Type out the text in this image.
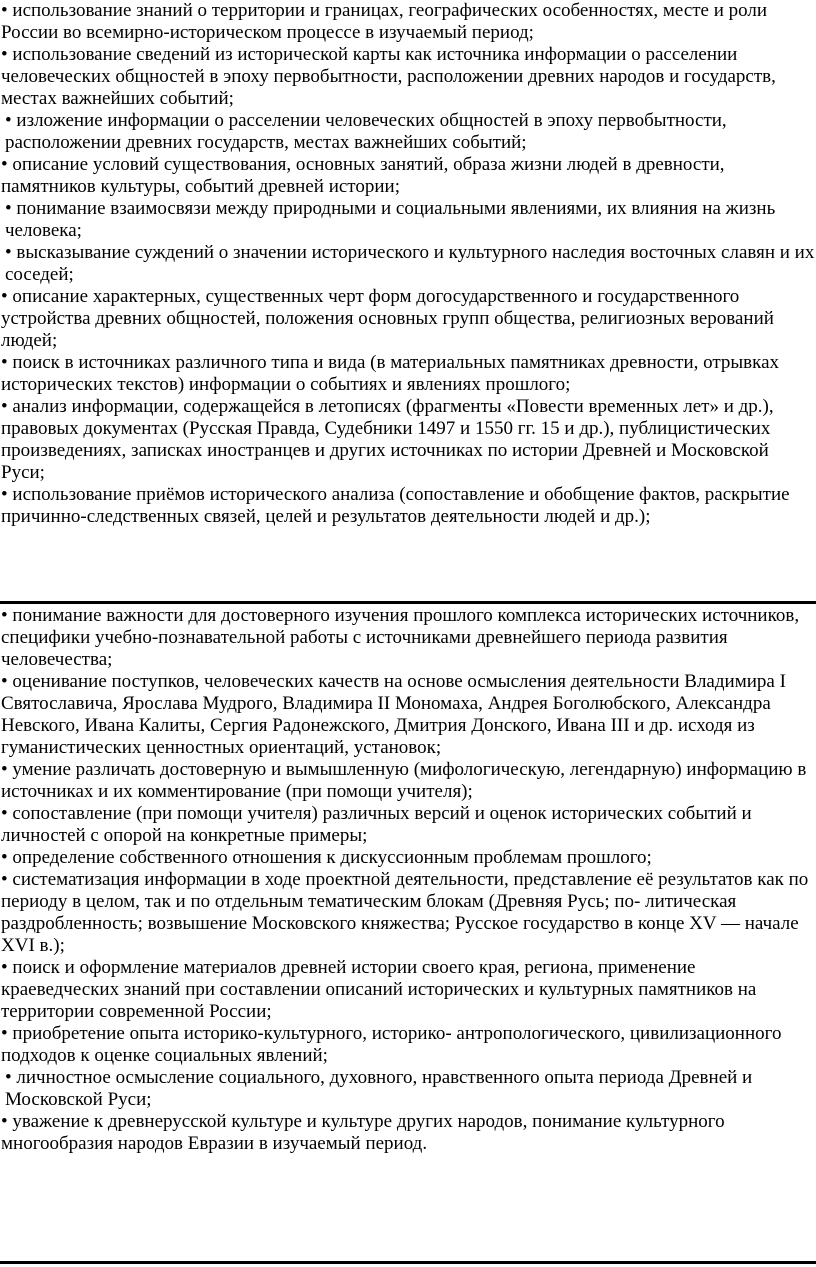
• использование знаний о территории и границах, географических особенностях, месте и роли России во всемирно-историческом процессе в изучаемый период;

• использование сведений из исторической карты как источника информации о расселении человеческих общностей в эпоху первобытности, расположении древних народов и государств, местах важнейших событий;

• изложение информации о расселении человеческих общностей в эпоху первобытности, расположении древних государств, местах важнейших событий;

• описание условий существования, основных занятий, образа жизни людей в древности, памятников культуры, событий древней истории;

• понимание взаимосвязи между природными и социальными явлениями, их влияния на жизнь человека;

• высказывание суждений о значении исторического и культурного наследия восточных славян и их соседей;

• описание характерных, существенных черт форм догосударственного и государственного устройства древних общностей, положения основных групп общества, религиозных верований людей;

• поиск в источниках различного типа и вида (в материальных памятниках древности, отрывках исторических текстов) информации о событиях и явлениях прошлого;

• анализ информации, содержащейся в летописях (фрагменты «Повести временных лет» и др.), правовых документах (Русская Правда, Судебники 1497 и 1550 гг. 15 и др.), публицистических произведениях, записках иностранцев и других источниках по истории Древней и Московской Руси;

• использование приёмов исторического анализа (сопоставление и обобщение фактов, раскрытие причинно-следственных связей, целей и результатов деятельности людей и др.);

• понимание важности для достоверного изучения прошлого комплекса исторических источников, специфики учебно-познавательной работы с источниками древнейшего периода развития человечества;

• оценивание поступков, человеческих качеств на основе осмысления деятельности Владимира I Святославича, Ярослава Мудрого, Владимира II Мономаха, Андрея Боголюбского, Александра Невского, Ивана Калиты, Сергия Радонежского, Дмитрия Донского, Ивана III и др. исходя из гуманистических ценностных ориентаций, установок;

• умение различать достоверную и вымышленную (мифологическую, легендарную) информацию в источниках и их комментирование (при помощи учителя);

• сопоставление (при помощи учителя) различных версий и оценок исторических событий и личностей с опорой на конкретные примеры;

• определение собственного отношения к дискуссионным проблемам прошлого;

• систематизация информации в ходе проектной деятельности, представление её результатов как по периоду в целом, так и по отдельным тематическим блокам (Древняя Русь; по- литическая раздробленность; возвышение Московского княжества; Русское государство в конце XV — начале XVI в.);

• поиск и оформление материалов древней истории своего края, региона, применение краеведческих знаний при составлении описаний исторических и культурных памятников на территории современной России;

• приобретение опыта историко-культурного, историко- антропологического, цивилизационного подходов к оценке социальных явлений;

• личностное осмысление социального, духовного, нравственного опыта периода Древней и Московской Руси;

• уважение к древнерусской культуре и культуре других народов, понимание культурного многообразия народов Евразии в изучаемый период.
